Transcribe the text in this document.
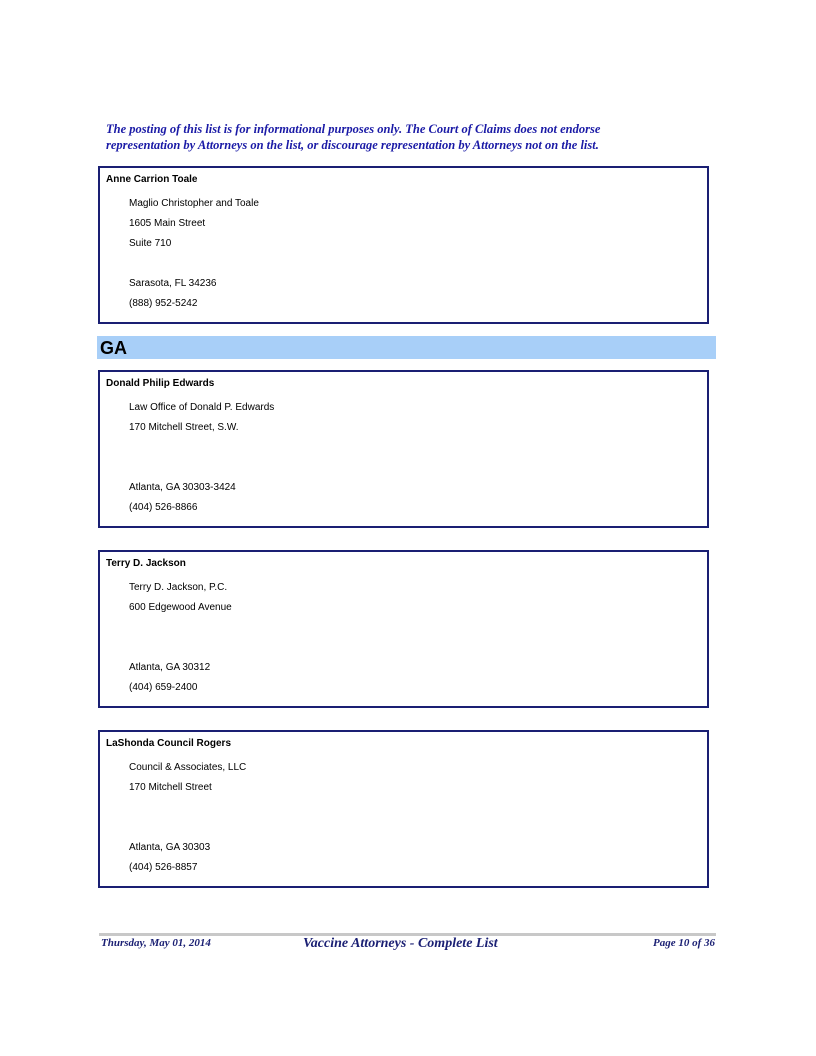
The posting of this list is for informational purposes only. The Court of Claims does not endorse
representation by Attorneys on the list, or discourage representation by Attorneys not on the list.
Anne Carrion Toale
Maglio Christopher and Toale
1605 Main Street
Suite 710
Sarasota, FL 34236
(888) 952-5242
GA
Donald Philip Edwards
Law Office of Donald P. Edwards
170 Mitchell Street, S.W.
Atlanta, GA 30303-3424
(404) 526-8866
Terry D. Jackson
Terry D. Jackson, P.C.
600 Edgewood Avenue
Atlanta, GA 30312
(404) 659-2400
LaShonda Council Rogers
Council & Associates, LLC
170 Mitchell Street
Atlanta, GA 30303
(404) 526-8857
Thursday, May 01, 2014	Vaccine Attorneys - Complete List	Page 10 of 36
